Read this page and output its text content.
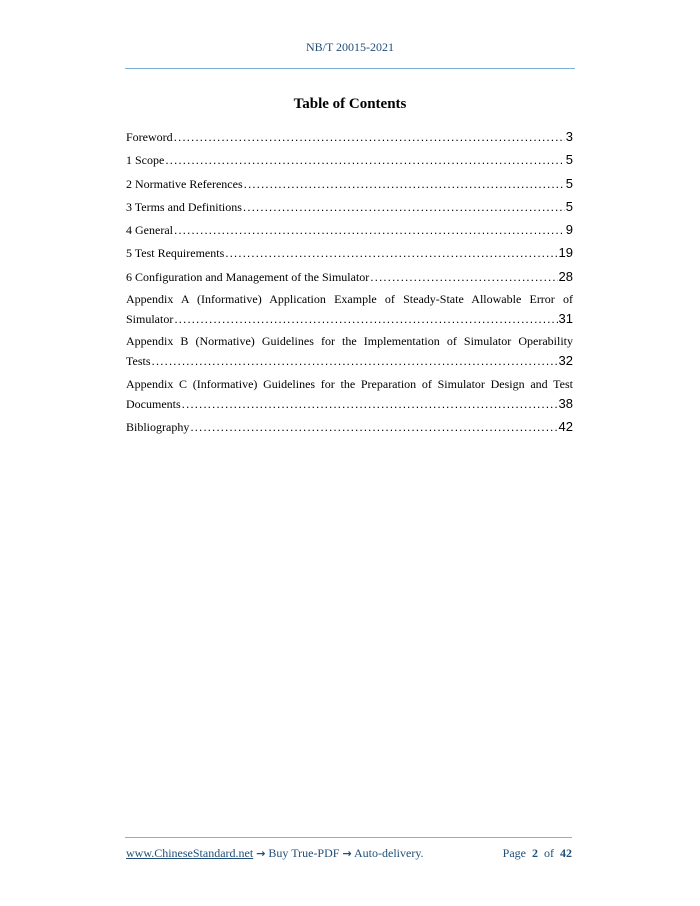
NB/T 20015-2021
Table of Contents
Foreword .....	3
1 Scope .....	5
2 Normative References .....	5
3 Terms and Definitions .....	5
4 General .....	9
5 Test Requirements .....	19
6 Configuration and Management of the Simulator .....	28
Appendix A (Informative) Application Example of Steady-State Allowable Error of
Simulator .....	31
Appendix B (Normative) Guidelines for the Implementation of Simulator Operability
Tests .....	32
Appendix C (Informative) Guidelines for the Preparation of Simulator Design and Test
Documents .....	38
Bibliography .....	42
www.ChineseStandard.net → Buy True-PDF → Auto-delivery.	Page 2 of 42
